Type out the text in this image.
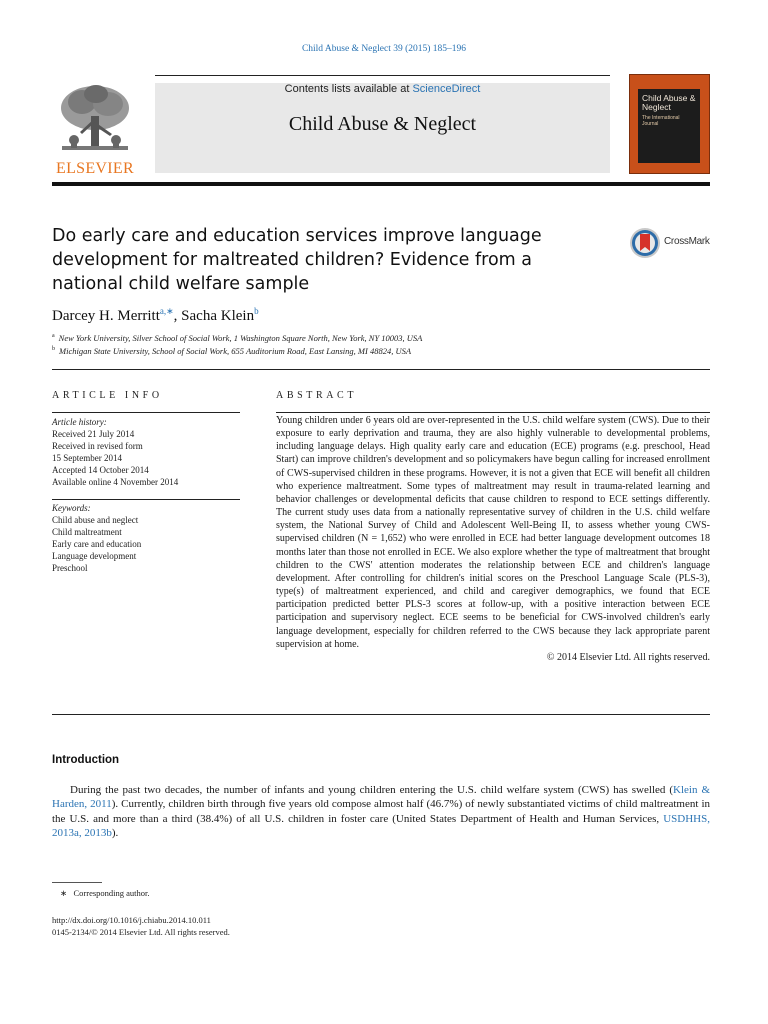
Child Abuse & Neglect 39 (2015) 185–196
ELSEVIER
Contents lists available at ScienceDirect
Child Abuse & Neglect
Child Abuse & Neglect
The International Journal
Do early care and education services improve language development for maltreated children? Evidence from a national child welfare sample
CrossMark
Darcey H. Merritt$^{a,∗}$, Sacha Klein$^b$
$^a$ New York University, Silver School of Social Work, 1 Washington Square North, New York, NY 10003, USA
$^b$ Michigan State University, School of Social Work, 655 Auditorium Road, East Lansing, MI 48824, USA
ARTICLE INFO
Article history:
Received 21 July 2014
Received in revised form
15 September 2014
Accepted 14 October 2014
Available online 4 November 2014
Keywords:
Child abuse and neglect
Child maltreatment
Early care and education
Language development
Preschool
ABSTRACT
Young children under 6 years old are over-represented in the U.S. child welfare system (CWS). Due to their exposure to early deprivation and trauma, they are also highly vulnerable to developmental problems, including language delays. High quality early care and education (ECE) programs (e.g. preschool, Head Start) can improve children's development and so policymakers have begun calling for increased enrollment of CWS-supervised children in these programs. However, it is not a given that ECE will benefit all children who experience maltreatment. Some types of maltreatment may result in trauma-related learning and behavior challenges or developmental deficits that cause children to respond to ECE settings differently. The current study uses data from a nationally representative survey of children in the U.S. child welfare system, the National Survey of Child and Adolescent Well-Being II, to assess whether young CWS-supervised children (N = 1,652) who were enrolled in ECE had better language development outcomes 18 months later than those not enrolled in ECE. We also explore whether the type of maltreatment that brought children to the CWS' attention moderates the relationship between ECE and children's language development. After controlling for children's initial scores on the Preschool Language Scale (PLS-3), type(s) of maltreatment experienced, and child and caregiver demographics, we found that ECE participation predicted better PLS-3 scores at follow-up, with a positive interaction between ECE participation and supervisory neglect. ECE seems to be beneficial for CWS-involved children's early language development, especially for children referred to the CWS because they lack appropriate parent supervision at home.
© 2014 Elsevier Ltd. All rights reserved.
Introduction
During the past two decades, the number of infants and young children entering the U.S. child welfare system (CWS) has swelled (Klein & Harden, 2011). Currently, children birth through five years old compose almost half (46.7%) of newly substantiated victims of child maltreatment in the U.S. and more than a third (38.4%) of all U.S. children in foster care (United States Department of Health and Human Services, USDHHS, 2013a, 2013b).
∗ Corresponding author.
http://dx.doi.org/10.1016/j.chiabu.2014.10.011
0145-2134/© 2014 Elsevier Ltd. All rights reserved.
